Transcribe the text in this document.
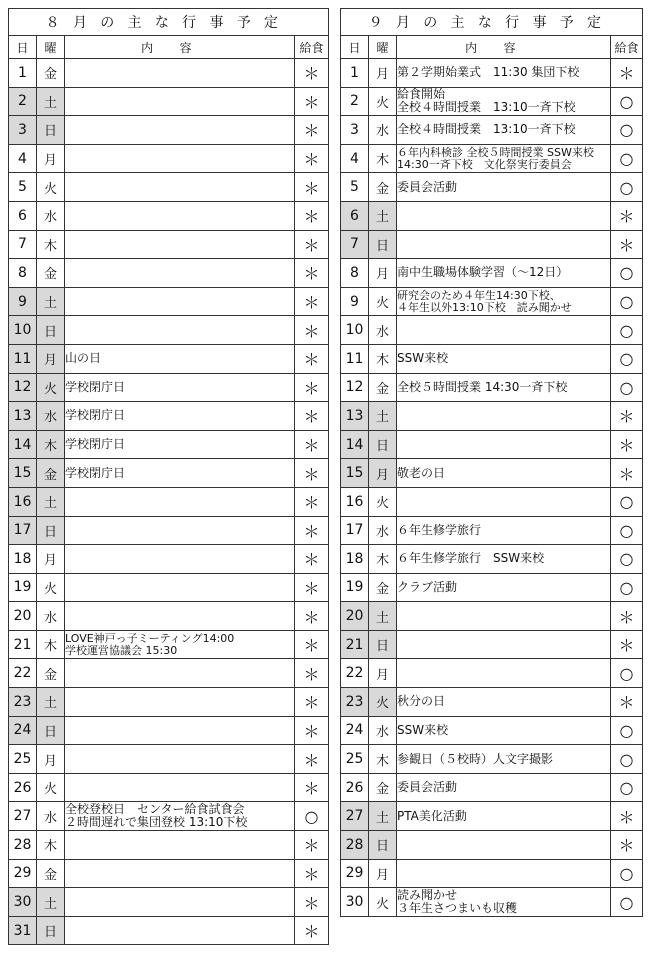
８月の主な行事予定			
日	曜	内容	給食
1	金		＊
2	土		＊
3	日		＊
4	月		＊
5	火		＊
6	水		＊
7	木		＊
8	金		＊
9	土		＊
10	日		＊
11	月	山の日	＊
12	火	学校閉庁日	＊
13	水	学校閉庁日	＊
14	木	学校閉庁日	＊
15	金	学校閉庁日	＊
16	土		＊
17	日		＊
18	月		＊
19	火		＊
20	水		＊
21	木	LOVE神戸っ子ミーティング14:00
学校運営協議会 15:30	＊
22	金		＊
23	土		＊
24	日		＊
25	月		＊
26	火		＊
27	水	全校登校日　センター給食試食会
２時間遅れで集団登校 13:10下校	○
28	木		＊
29	金		＊
30	土		＊
31	日		＊
９月の主な行事予定			
日	曜	内容	給食
1	月	第２学期始業式　11:30 集団下校	＊
2	火	給食開始
全校４時間授業　13:10一斉下校	○
3	水	全校４時間授業　13:10一斉下校	○
4	木	６年内科検診 全校５時間授業 SSW来校
14:30一斉下校　文化祭実行委員会	○
5	金	委員会活動	○
6	土		＊
7	日		＊
8	月	南中生職場体験学習（～12日）	○
9	火	研究会のため４年生14:30下校、
４年生以外13:10下校　読み聞かせ	○
10	水		○
11	木	SSW来校	○
12	金	全校５時間授業 14:30一斉下校	○
13	土		＊
14	日		＊
15	月	敬老の日	＊
16	火		○
17	水	６年生修学旅行	○
18	木	６年生修学旅行　SSW来校	○
19	金	クラブ活動	○
20	土		＊
21	日		＊
22	月		○
23	火	秋分の日	＊
24	水	SSW来校	○
25	木	参観日（５校時）人文字撮影	○
26	金	委員会活動	○
27	土	PTA美化活動	＊
28	日		＊
29	月		○
30	火	読み聞かせ
３年生さつまいも収穫	○
